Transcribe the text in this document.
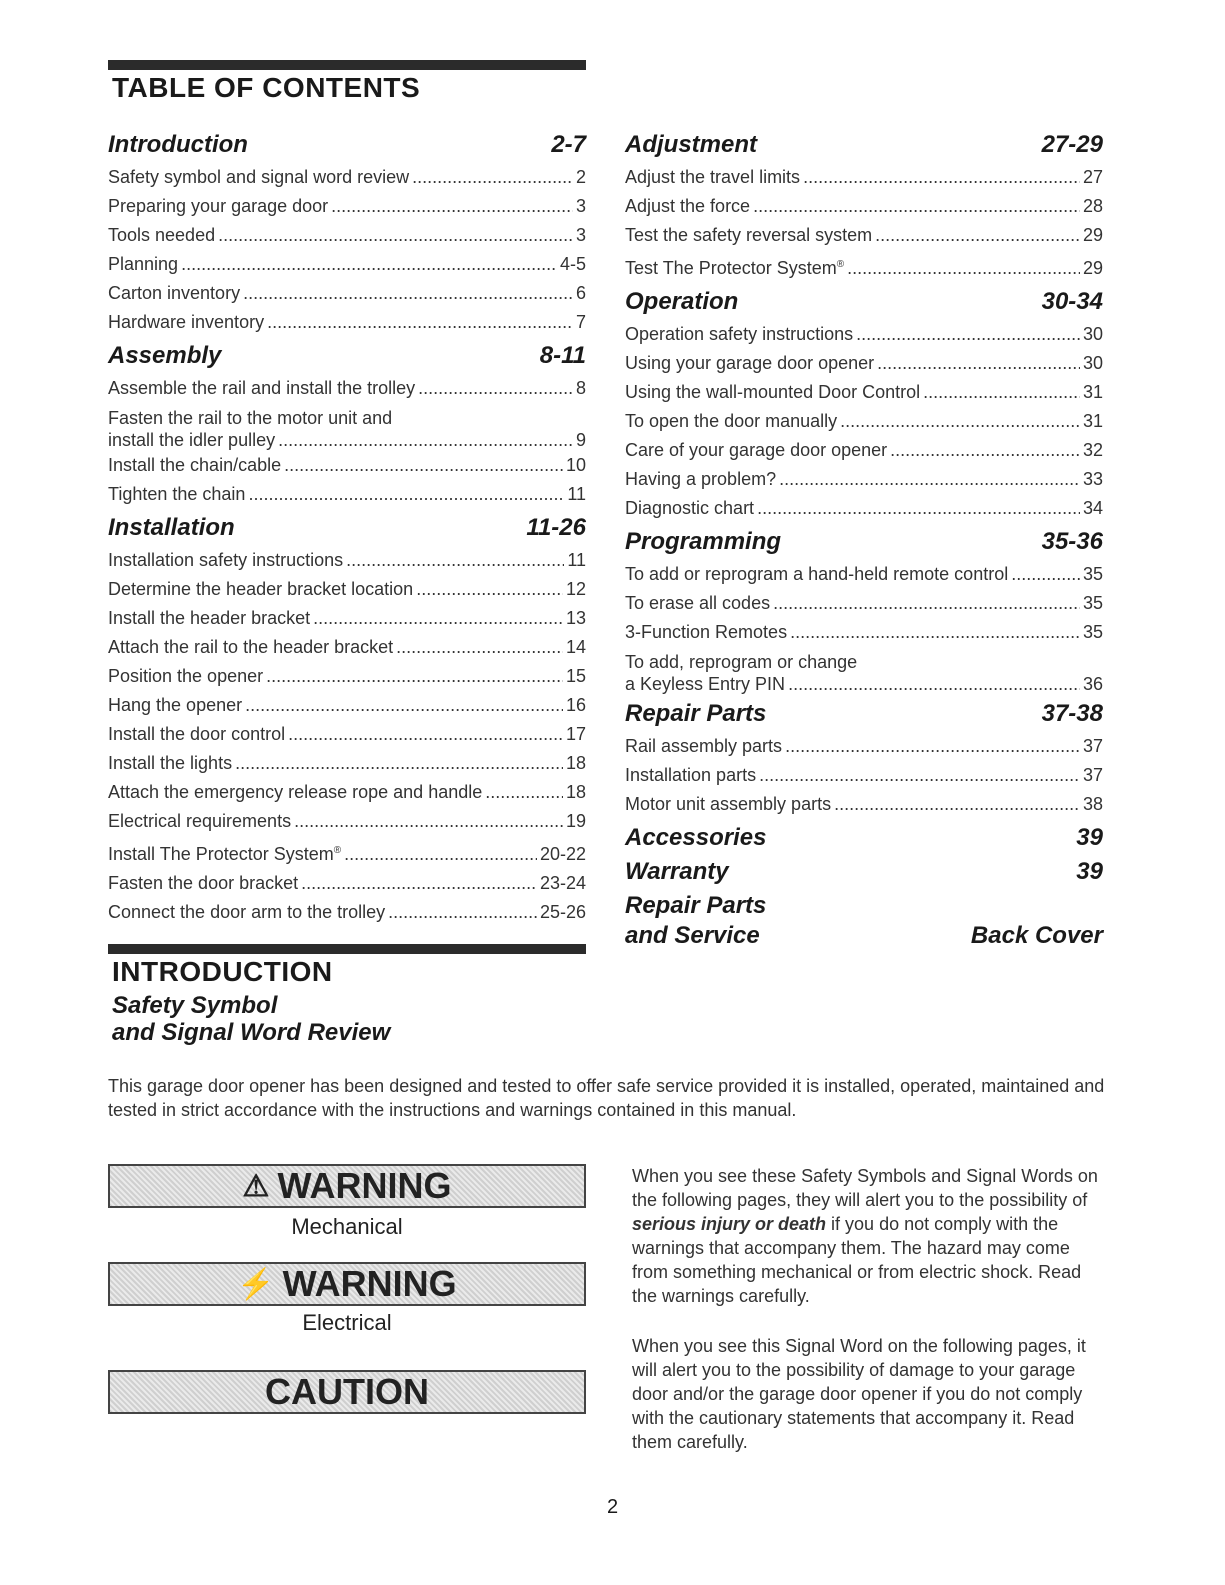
TABLE OF CONTENTS
Introduction	2-7
Safety symbol and signal word review .....	2
Preparing your garage door .....	3
Tools needed .....	3
Planning .....	4-5
Carton inventory .....	6
Hardware inventory .....	7
Assembly	8-11
Assemble the rail and install the trolley .....	8
Fasten the rail to the motor unit and
install the idler pulley .....	9
Install the chain/cable .....	10
Tighten the chain .....	11
Installation	11-26
Installation safety instructions .....	11
Determine the header bracket location .....	12
Install the header bracket .....	13
Attach the rail to the header bracket .....	14
Position the opener .....	15
Hang the opener .....	16
Install the door control .....	17
Install the lights .....	18
Attach the emergency release rope and handle .....	18
Electrical requirements .....	19
Install The Protector System® .....	20-22
Fasten the door bracket .....	23-24
Connect the door arm to the trolley .....	25-26
Adjustment	27-29
Adjust the travel limits .....	27
Adjust the force .....	28
Test the safety reversal system .....	29
Test The Protector System® .....	29
Operation	30-34
Operation safety instructions .....	30
Using your garage door opener .....	30
Using the wall-mounted Door Control .....	31
To open the door manually .....	31
Care of your garage door opener .....	32
Having a problem? .....	33
Diagnostic chart .....	34
Programming	35-36
To add or reprogram a hand-held remote control .....	35
To erase all codes .....	35
3-Function Remotes .....	35
To add, reprogram or change
a Keyless Entry PIN .....	36
Repair Parts	37-38
Rail assembly parts .....	37
Installation parts .....	37
Motor unit assembly parts .....	38
Accessories	39
Warranty	39
Repair Parts
and Service	Back Cover
INTRODUCTION
Safety Symbol
and Signal Word Review
This garage door opener has been designed and tested to offer safe service provided it is installed, operated, maintained and tested in strict accordance with the instructions and warnings contained in this manual.
⚠ WARNING
Mechanical
⚡ WARNING
Electrical
CAUTION
When you see these Safety Symbols and Signal Words on the following pages, they will alert you to the possibility of serious injury or death if you do not comply with the warnings that accompany them. The hazard may come from something mechanical or from electric shock. Read the warnings carefully.
When you see this Signal Word on the following pages, it will alert you to the possibility of damage to your garage door and/or the garage door opener if you do not comply with the cautionary statements that accompany it. Read them carefully.
2
